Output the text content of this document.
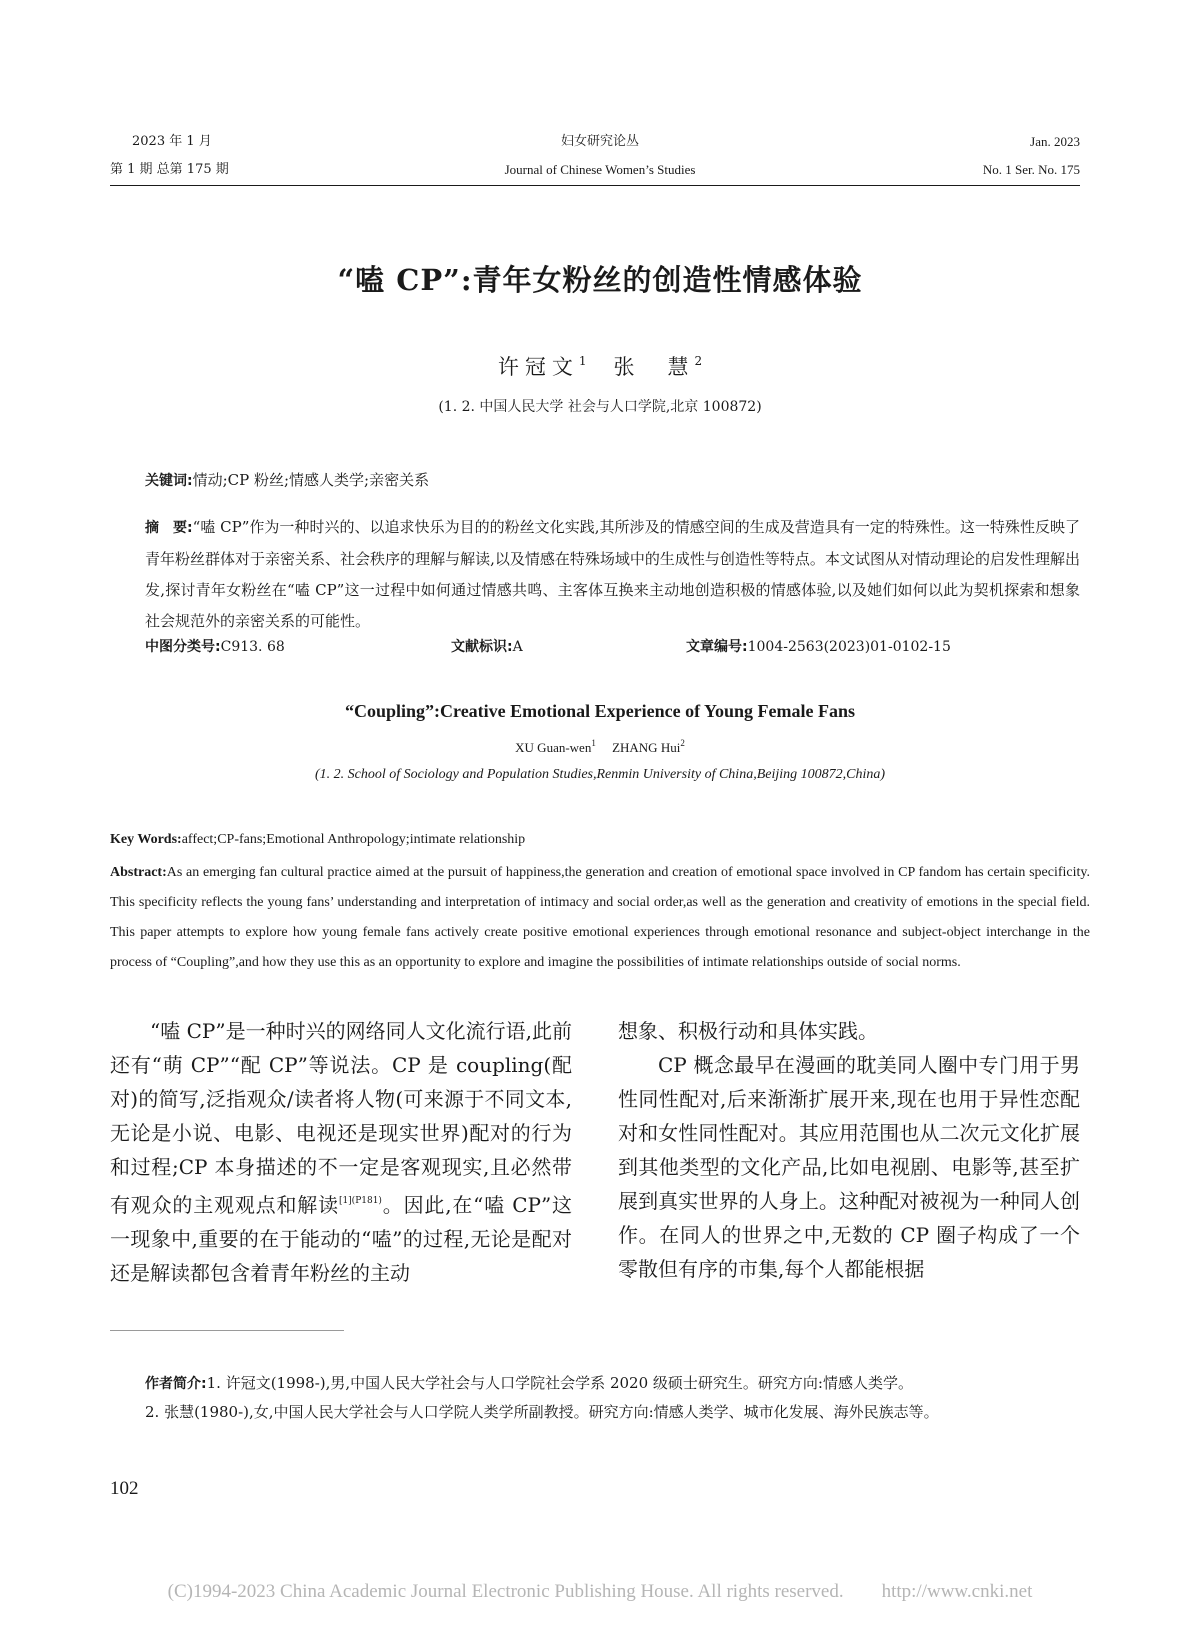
2023 年 1 月
第 1 期 总第 175 期
妇女研究论丛
Journal of Chinese Women’s Studies
Jan. 2023
No. 1 Ser. No. 175
“嗑 CP”:青年女粉丝的创造性情感体验
许冠文$^1$　 张　慧$^2$
(1. 2. 中国人民大学 社会与人口学院,北京 100872)
关键词:情动;CP 粉丝;情感人类学;亲密关系
摘　要:“嗑 CP”作为一种时兴的、以追求快乐为目的的粉丝文化实践,其所涉及的情感空间的生成及营造具有一定的特殊性。这一特殊性反映了青年粉丝群体对于亲密关系、社会秩序的理解与解读,以及情感在特殊场域中的生成性与创造性等特点。本文试图从对情动理论的启发性理解出发,探讨青年女粉丝在“嗑 CP”这一过程中如何通过情感共鸣、主客体互换来主动地创造积极的情感体验,以及她们如何以此为契机探索和想象社会规范外的亲密关系的可能性。
中图分类号:C913. 68	文献标识:A	文章编号:1004-2563(2023)01-0102-15
“Coupling”:Creative Emotional Experience of Young Female Fans
XU Guan-wen$^1$ ZHANG Hui$^2$
(1. 2. School of Sociology and Population Studies,Renmin University of China,Beijing 100872,China)
Key Words:affect;CP-fans;Emotional Anthropology;intimate relationship
Abstract:As an emerging fan cultural practice aimed at the pursuit of happiness,the generation and creation of emotional space involved in CP fandom has certain specificity. This specificity reflects the young fans’ understanding and interpretation of intimacy and social order,as well as the generation and creativity of emotions in the special field. This paper attempts to explore how young female fans actively create positive emotional experiences through emotional resonance and subject-object interchange in the process of “Coupling”,and how they use this as an opportunity to explore and imagine the possibilities of intimate relationships outside of social norms.

“嗑 CP”是一种时兴的网络同人文化流行语,此前还有“萌 CP”“配 CP”等说法。CP 是 coupling(配对)的简写,泛指观众/读者将人物(可来源于不同文本,无论是小说、电影、电视还是现实世界)配对的行为和过程;CP 本身描述的不一定是客观现实,且必然带有观众的主观观点和解读$^{[1](P181)}$。因此,在“嗑 CP”这一现象中,重要的在于能动的“嗑”的过程,无论是配对还是解读都包含着青年粉丝的主动

想象、积极行动和具体实践。

CP 概念最早在漫画的耽美同人圈中专门用于男性同性配对,后来渐渐扩展开来,现在也用于异性恋配对和女性同性配对。其应用范围也从二次元文化扩展到其他类型的文化产品,比如电视剧、电影等,甚至扩展到真实世界的人身上。这种配对被视为一种同人创作。在同人的世界之中,无数的 CP 圈子构成了一个零散但有序的市集,每个人都能根据

作者简介:1. 许冠文(1998-),男,中国人民大学社会与人口学院社会学系 2020 级硕士研究生。研究方向:情感人类学。
2. 张慧(1980-),女,中国人民大学社会与人口学院人类学所副教授。研究方向:情感人类学、城市化发展、海外民族志等。
102
(C)1994-2023 China Academic Journal Electronic Publishing House. All rights reserved.　　http://www.cnki.net
